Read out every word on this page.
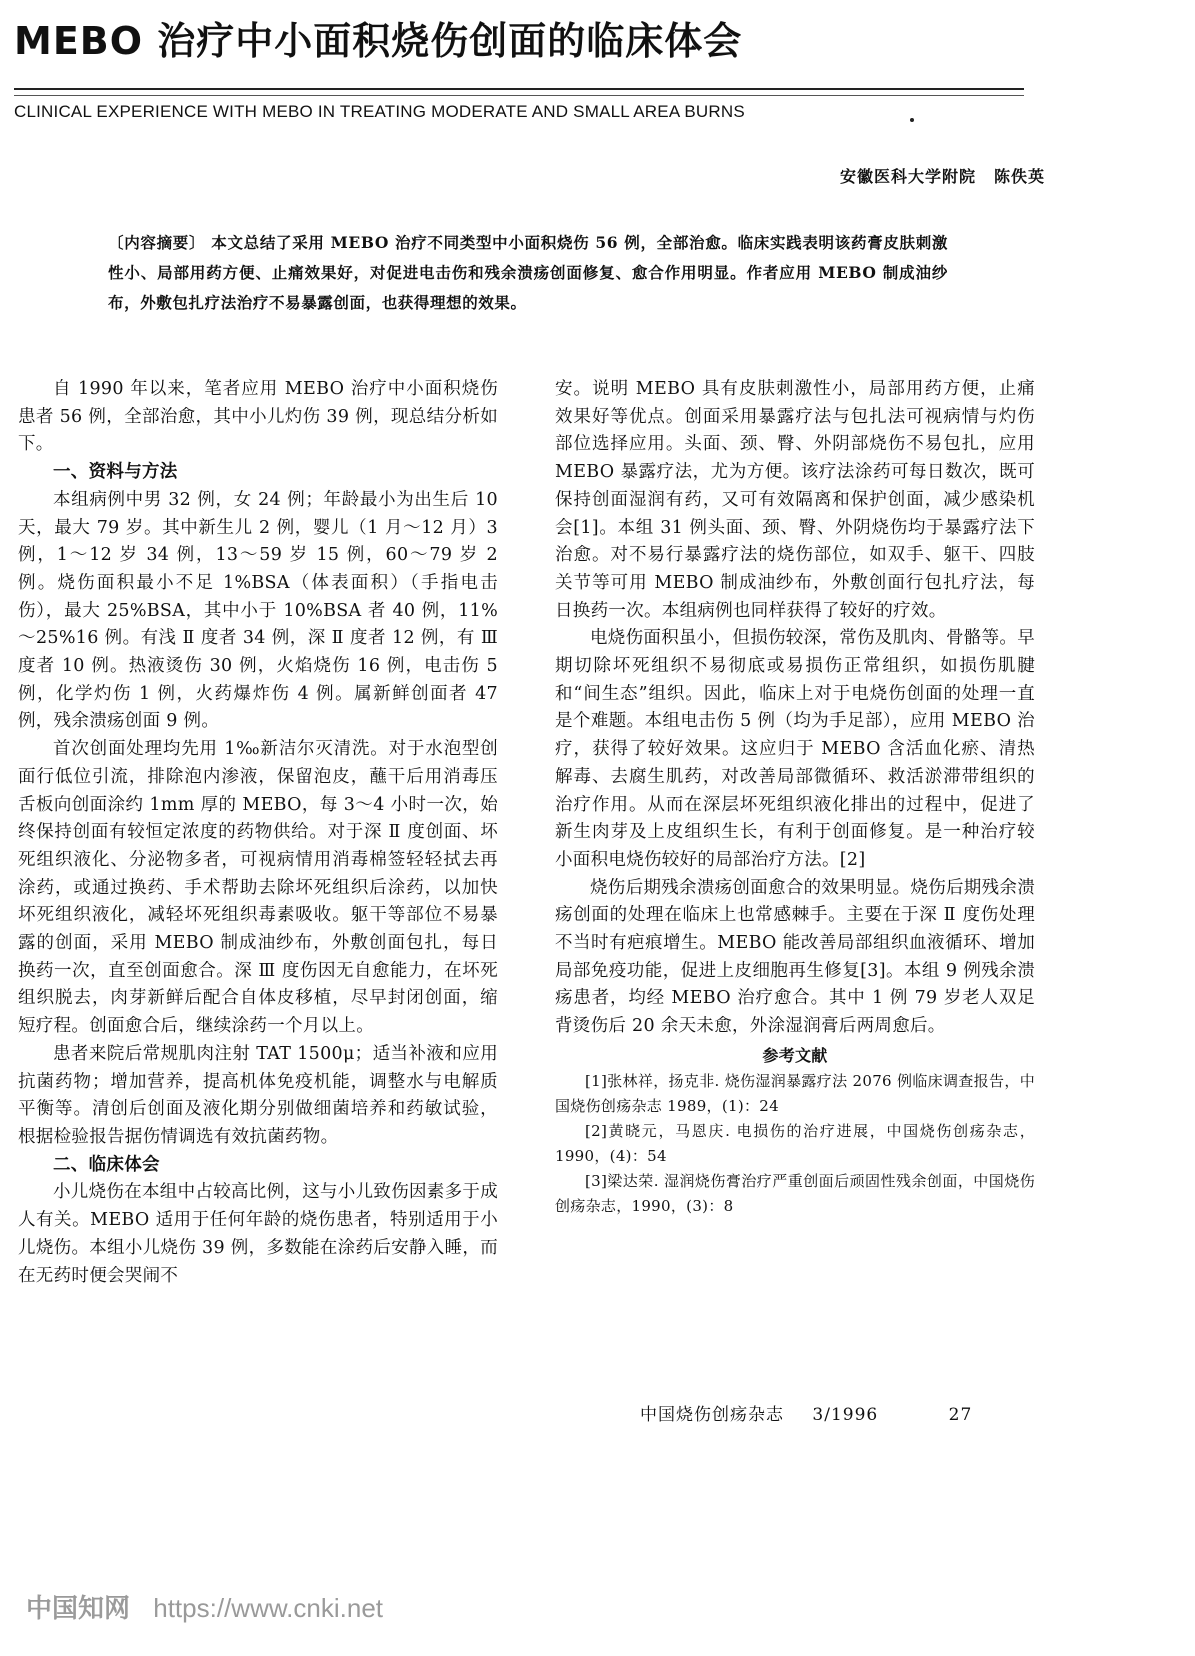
MEBO 治疗中小面积烧伤创面的临床体会
CLINICAL EXPERIENCE WITH MEBO IN TREATING MODERATE AND SMALL AREA BURNS
安徽医科大学附院 陈佚英
〔内容摘要〕 本文总结了采用 MEBO 治疗不同类型中小面积烧伤 56 例，全部治愈。临床实践表明该药膏皮肤刺激性小、局部用药方便、止痛效果好，对促进电击伤和残余溃疡创面修复、愈合作用明显。作者应用 MEBO 制成油纱布，外敷包扎疗法治疗不易暴露创面，也获得理想的效果。

自 1990 年以来，笔者应用 MEBO 治疗中小面积烧伤患者 56 例，全部治愈，其中小儿灼伤 39 例，现总结分析如下。

一、资料与方法

本组病例中男 32 例，女 24 例；年龄最小为出生后 10 天，最大 79 岁。其中新生儿 2 例，婴儿（1 月～12 月）3 例，1～12 岁 34 例，13～59 岁 15 例，60～79 岁 2 例。烧伤面积最小不足 1%BSA（体表面积）（手指电击伤），最大 25%BSA，其中小于 10%BSA 者 40 例，11%～25%16 例。有浅 Ⅱ 度者 34 例，深 Ⅱ 度者 12 例，有 Ⅲ 度者 10 例。热液烫伤 30 例，火焰烧伤 16 例，电击伤 5 例，化学灼伤 1 例，火药爆炸伤 4 例。属新鲜创面者 47 例，残余溃疡创面 9 例。

首次创面处理均先用 1‰新洁尔灭清洗。对于水泡型创面行低位引流，排除泡内渗液，保留泡皮，蘸干后用消毒压舌板向创面涂约 1mm 厚的 MEBO，每 3～4 小时一次，始终保持创面有较恒定浓度的药物供给。对于深 Ⅱ 度创面、坏死组织液化、分泌物多者，可视病情用消毒棉签轻轻拭去再涂药，或通过换药、手术帮助去除坏死组织后涂药，以加快坏死组织液化，减轻坏死组织毒素吸收。躯干等部位不易暴露的创面，采用 MEBO 制成油纱布，外敷创面包扎，每日换药一次，直至创面愈合。深 Ⅲ 度伤因无自愈能力，在坏死组织脱去，肉芽新鲜后配合自体皮移植，尽早封闭创面，缩短疗程。创面愈合后，继续涂药一个月以上。

患者来院后常规肌肉注射 TAT 1500μ；适当补液和应用抗菌药物；增加营养，提高机体免疫机能，调整水与电解质平衡等。清创后创面及液化期分别做细菌培养和药敏试验，根据检验报告据伤情调选有效抗菌药物。

二、临床体会

小儿烧伤在本组中占较高比例，这与小儿致伤因素多于成人有关。MEBO 适用于任何年龄的烧伤患者，特别适用于小儿烧伤。本组小儿烧伤 39 例，多数能在涂药后安静入睡，而在无药时便会哭闹不

安。说明 MEBO 具有皮肤刺激性小，局部用药方便，止痛效果好等优点。创面采用暴露疗法与包扎法可视病情与灼伤部位选择应用。头面、颈、臀、外阴部烧伤不易包扎，应用 MEBO 暴露疗法，尤为方便。该疗法涂药可每日数次，既可保持创面湿润有药，又可有效隔离和保护创面，减少感染机会[1]。本组 31 例头面、颈、臀、外阴烧伤均于暴露疗法下治愈。对不易行暴露疗法的烧伤部位，如双手、躯干、四肢关节等可用 MEBO 制成油纱布，外敷创面行包扎疗法，每日换药一次。本组病例也同样获得了较好的疗效。

电烧伤面积虽小，但损伤较深，常伤及肌肉、骨骼等。早期切除坏死组织不易彻底或易损伤正常组织，如损伤肌腱和“间生态”组织。因此，临床上对于电烧伤创面的处理一直是个难题。本组电击伤 5 例（均为手足部），应用 MEBO 治疗，获得了较好效果。这应归于 MEBO 含活血化瘀、清热解毒、去腐生肌药，对改善局部微循环、救活淤滞带组织的治疗作用。从而在深层坏死组织液化排出的过程中，促进了新生肉芽及上皮组织生长，有利于创面修复。是一种治疗较小面积电烧伤较好的局部治疗方法。[2]

烧伤后期残余溃疡创面愈合的效果明显。烧伤后期残余溃疡创面的处理在临床上也常感棘手。主要在于深 Ⅱ 度伤处理不当时有疤痕增生。MEBO 能改善局部组织血液循环、增加局部免疫功能，促进上皮细胞再生修复[3]。本组 9 例残余溃疡患者，均经 MEBO 治疗愈合。其中 1 例 79 岁老人双足背烫伤后 20 余天未愈，外涂湿润膏后两周愈后。

参考文献

[1]张林祥，扬克非. 烧伤湿润暴露疗法 2076 例临床调查报告，中国烧伤创疡杂志 1989，(1)：24

[2]黄晓元，马恩庆. 电损伤的治疗进展，中国烧伤创疡杂志，1990，(4)：54

[3]梁达荣. 湿润烧伤膏治疗严重创面后顽固性残余创面，中国烧伤创疡杂志，1990，(3)：8

中国烧伤创疡杂志 3/1996	27
中国知网 https://www.cnki.net
